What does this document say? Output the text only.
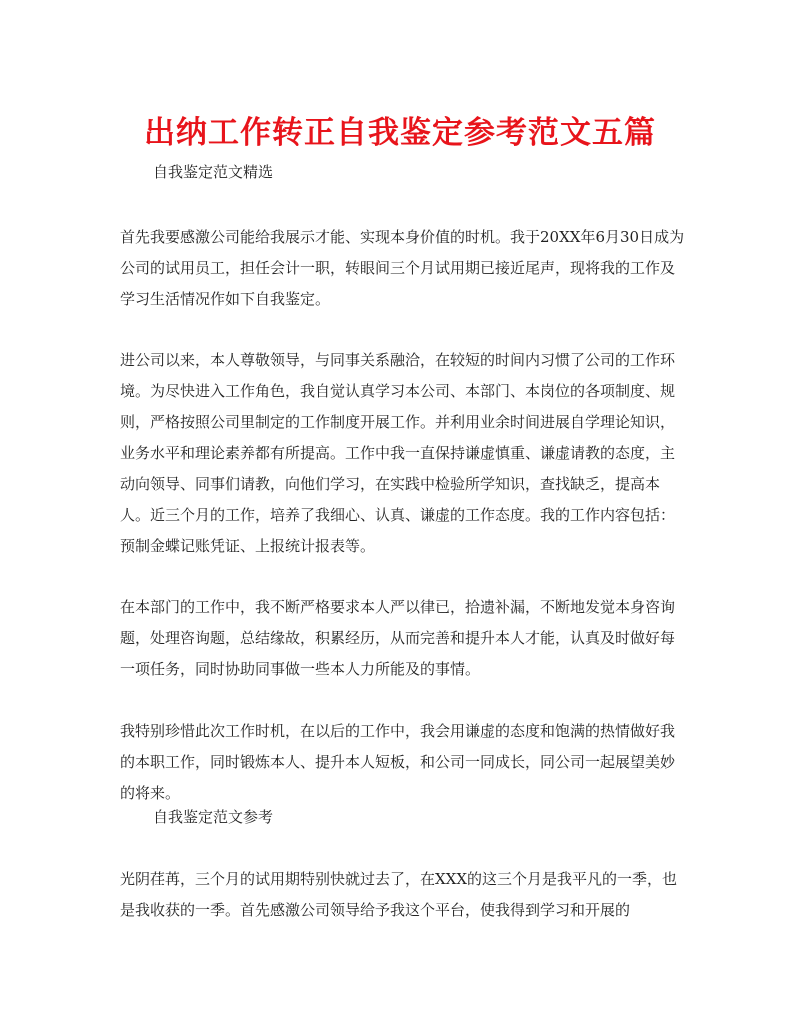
出纳工作转正自我鉴定参考范文五篇

自我鉴定范文精选

首先我要感激公司能给我展示才能、实现本身价值的时机。我于20XX年6月30日成为公司的试用员工，担任会计一职，转眼间三个月试用期已接近尾声，现将我的工作及学习生活情况作如下自我鉴定。

进公司以来，本人尊敬领导，与同事关系融洽，在较短的时间内习惯了公司的工作环境。为尽快进入工作角色，我自觉认真学习本公司、本部门、本岗位的各项制度、规则，严格按照公司里制定的工作制度开展工作。并利用业余时间进展自学理论知识，业务水平和理论素养都有所提高。工作中我一直保持谦虚慎重、谦虚请教的态度，主动向领导、同事们请教，向他们学习，在实践中检验所学知识，查找缺乏，提高本人。近三个月的工作，培养了我细心、认真、谦虚的工作态度。我的工作内容包括：预制金蝶记账凭证、上报统计报表等。

在本部门的工作中，我不断严格要求本人严以律已，拾遗补漏，不断地发觉本身咨询题，处理咨询题，总结缘故，积累经历，从而完善和提升本人才能，认真及时做好每一项任务，同时协助同事做一些本人力所能及的事情。

我特别珍惜此次工作时机，在以后的工作中，我会用谦虚的态度和饱满的热情做好我的本职工作，同时锻炼本人、提升本人短板，和公司一同成长，同公司一起展望美妙的将来。

自我鉴定范文参考

光阴荏苒，三个月的试用期特别快就过去了，在XXX的这三个月是我平凡的一季，也是我收获的一季。首先感激公司领导给予我这个平台，使我得到学习和开展的
